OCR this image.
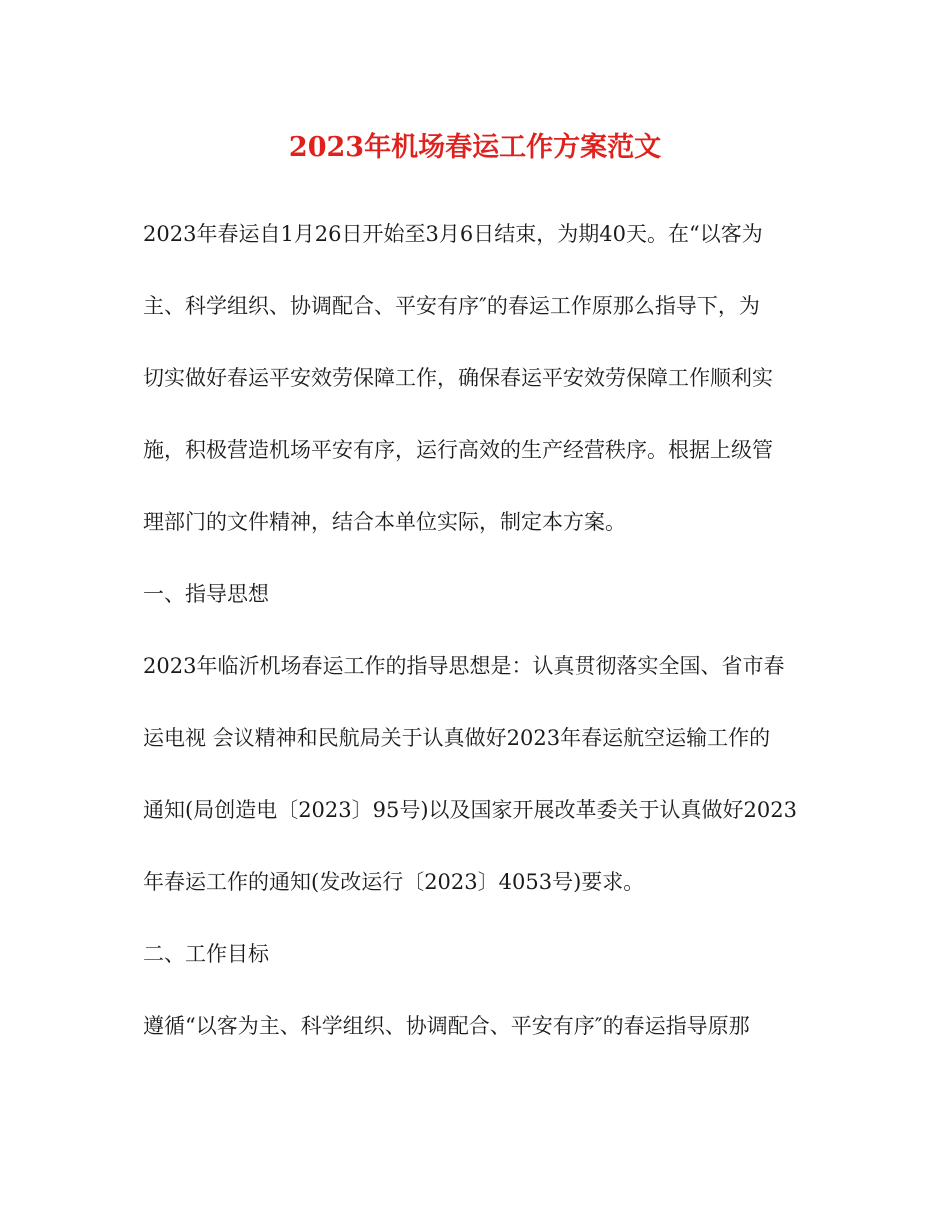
2023年机场春运工作方案范文

2023年春运自1月26日开始至3月6日结束，为期40天。在“以客为

主、科学组织、协调配合、平安有序″的春运工作原那么指导下，为

切实做好春运平安效劳保障工作，确保春运平安效劳保障工作顺利实

施，积极营造机场平安有序，运行高效的生产经营秩序。根据上级管

理部门的文件精神，结合本单位实际，制定本方案。

一、指导思想

2023年临沂机场春运工作的指导思想是：认真贯彻落实全国、省市春

运电视 会议精神和民航局关于认真做好2023年春运航空运输工作的

通知(局创造电〔2023〕95号)以及国家开展改革委关于认真做好2023

年春运工作的通知(发改运行〔2023〕4053号)要求。

二、工作目标

遵循“以客为主、科学组织、协调配合、平安有序″的春运指导原那
